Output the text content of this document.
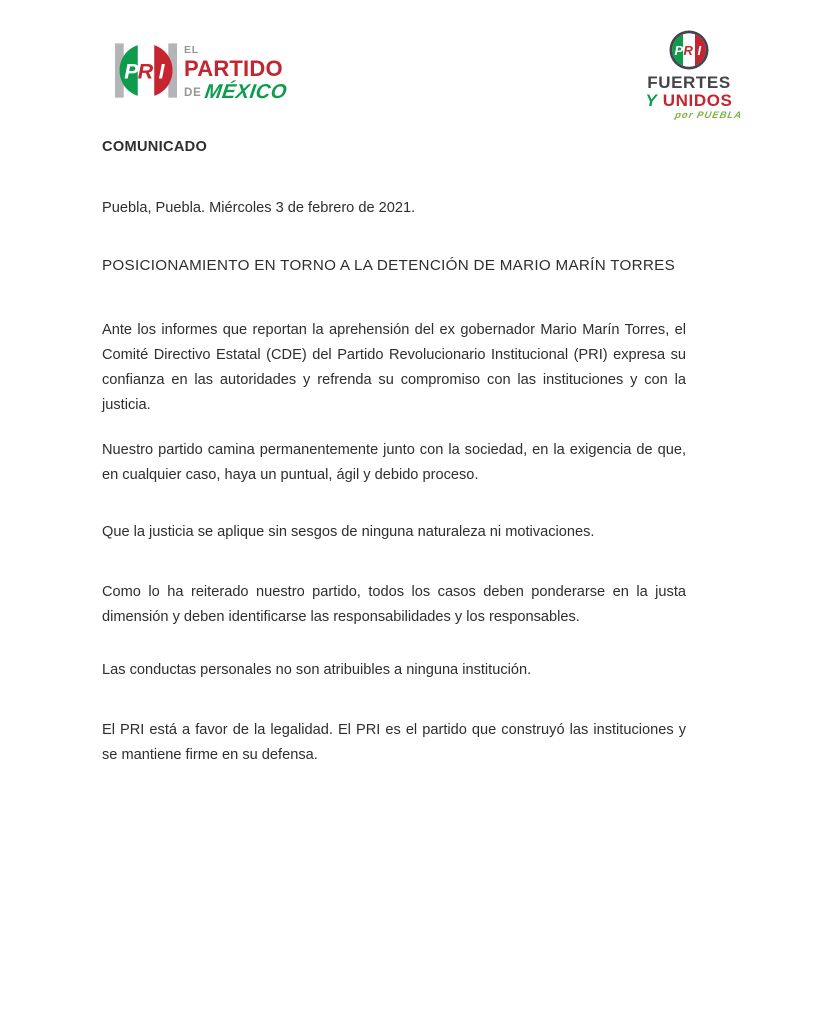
P R I
EL
PARTIDO
DE MÉXICO
P R I
FUERTES
Y UNIDOS
por PUEBLA

COMUNICADO

Puebla, Puebla. Miércoles 3 de febrero de 2021.

POSICIONAMIENTO EN TORNO A LA DETENCIÓN DE MARIO MARÍN TORRES

Ante los informes que reportan la aprehensión del ex gobernador Mario Marín Torres, el Comité Directivo Estatal (CDE) del Partido Revolucionario Institucional (PRI) expresa su confianza en las autoridades y refrenda su compromiso con las instituciones y con la justicia.

Nuestro partido camina permanentemente junto con la sociedad, en la exigencia de que, en cualquier caso, haya un puntual, ágil y debido proceso.

Que la justicia se aplique sin sesgos de ninguna naturaleza ni motivaciones.

Como lo ha reiterado nuestro partido, todos los casos deben ponderarse en la justa dimensión y deben identificarse las responsabilidades y los responsables.

Las conductas personales no son atribuibles a ninguna institución.

El PRI está a favor de la legalidad. El PRI es el partido que construyó las instituciones y se mantiene firme en su defensa.
